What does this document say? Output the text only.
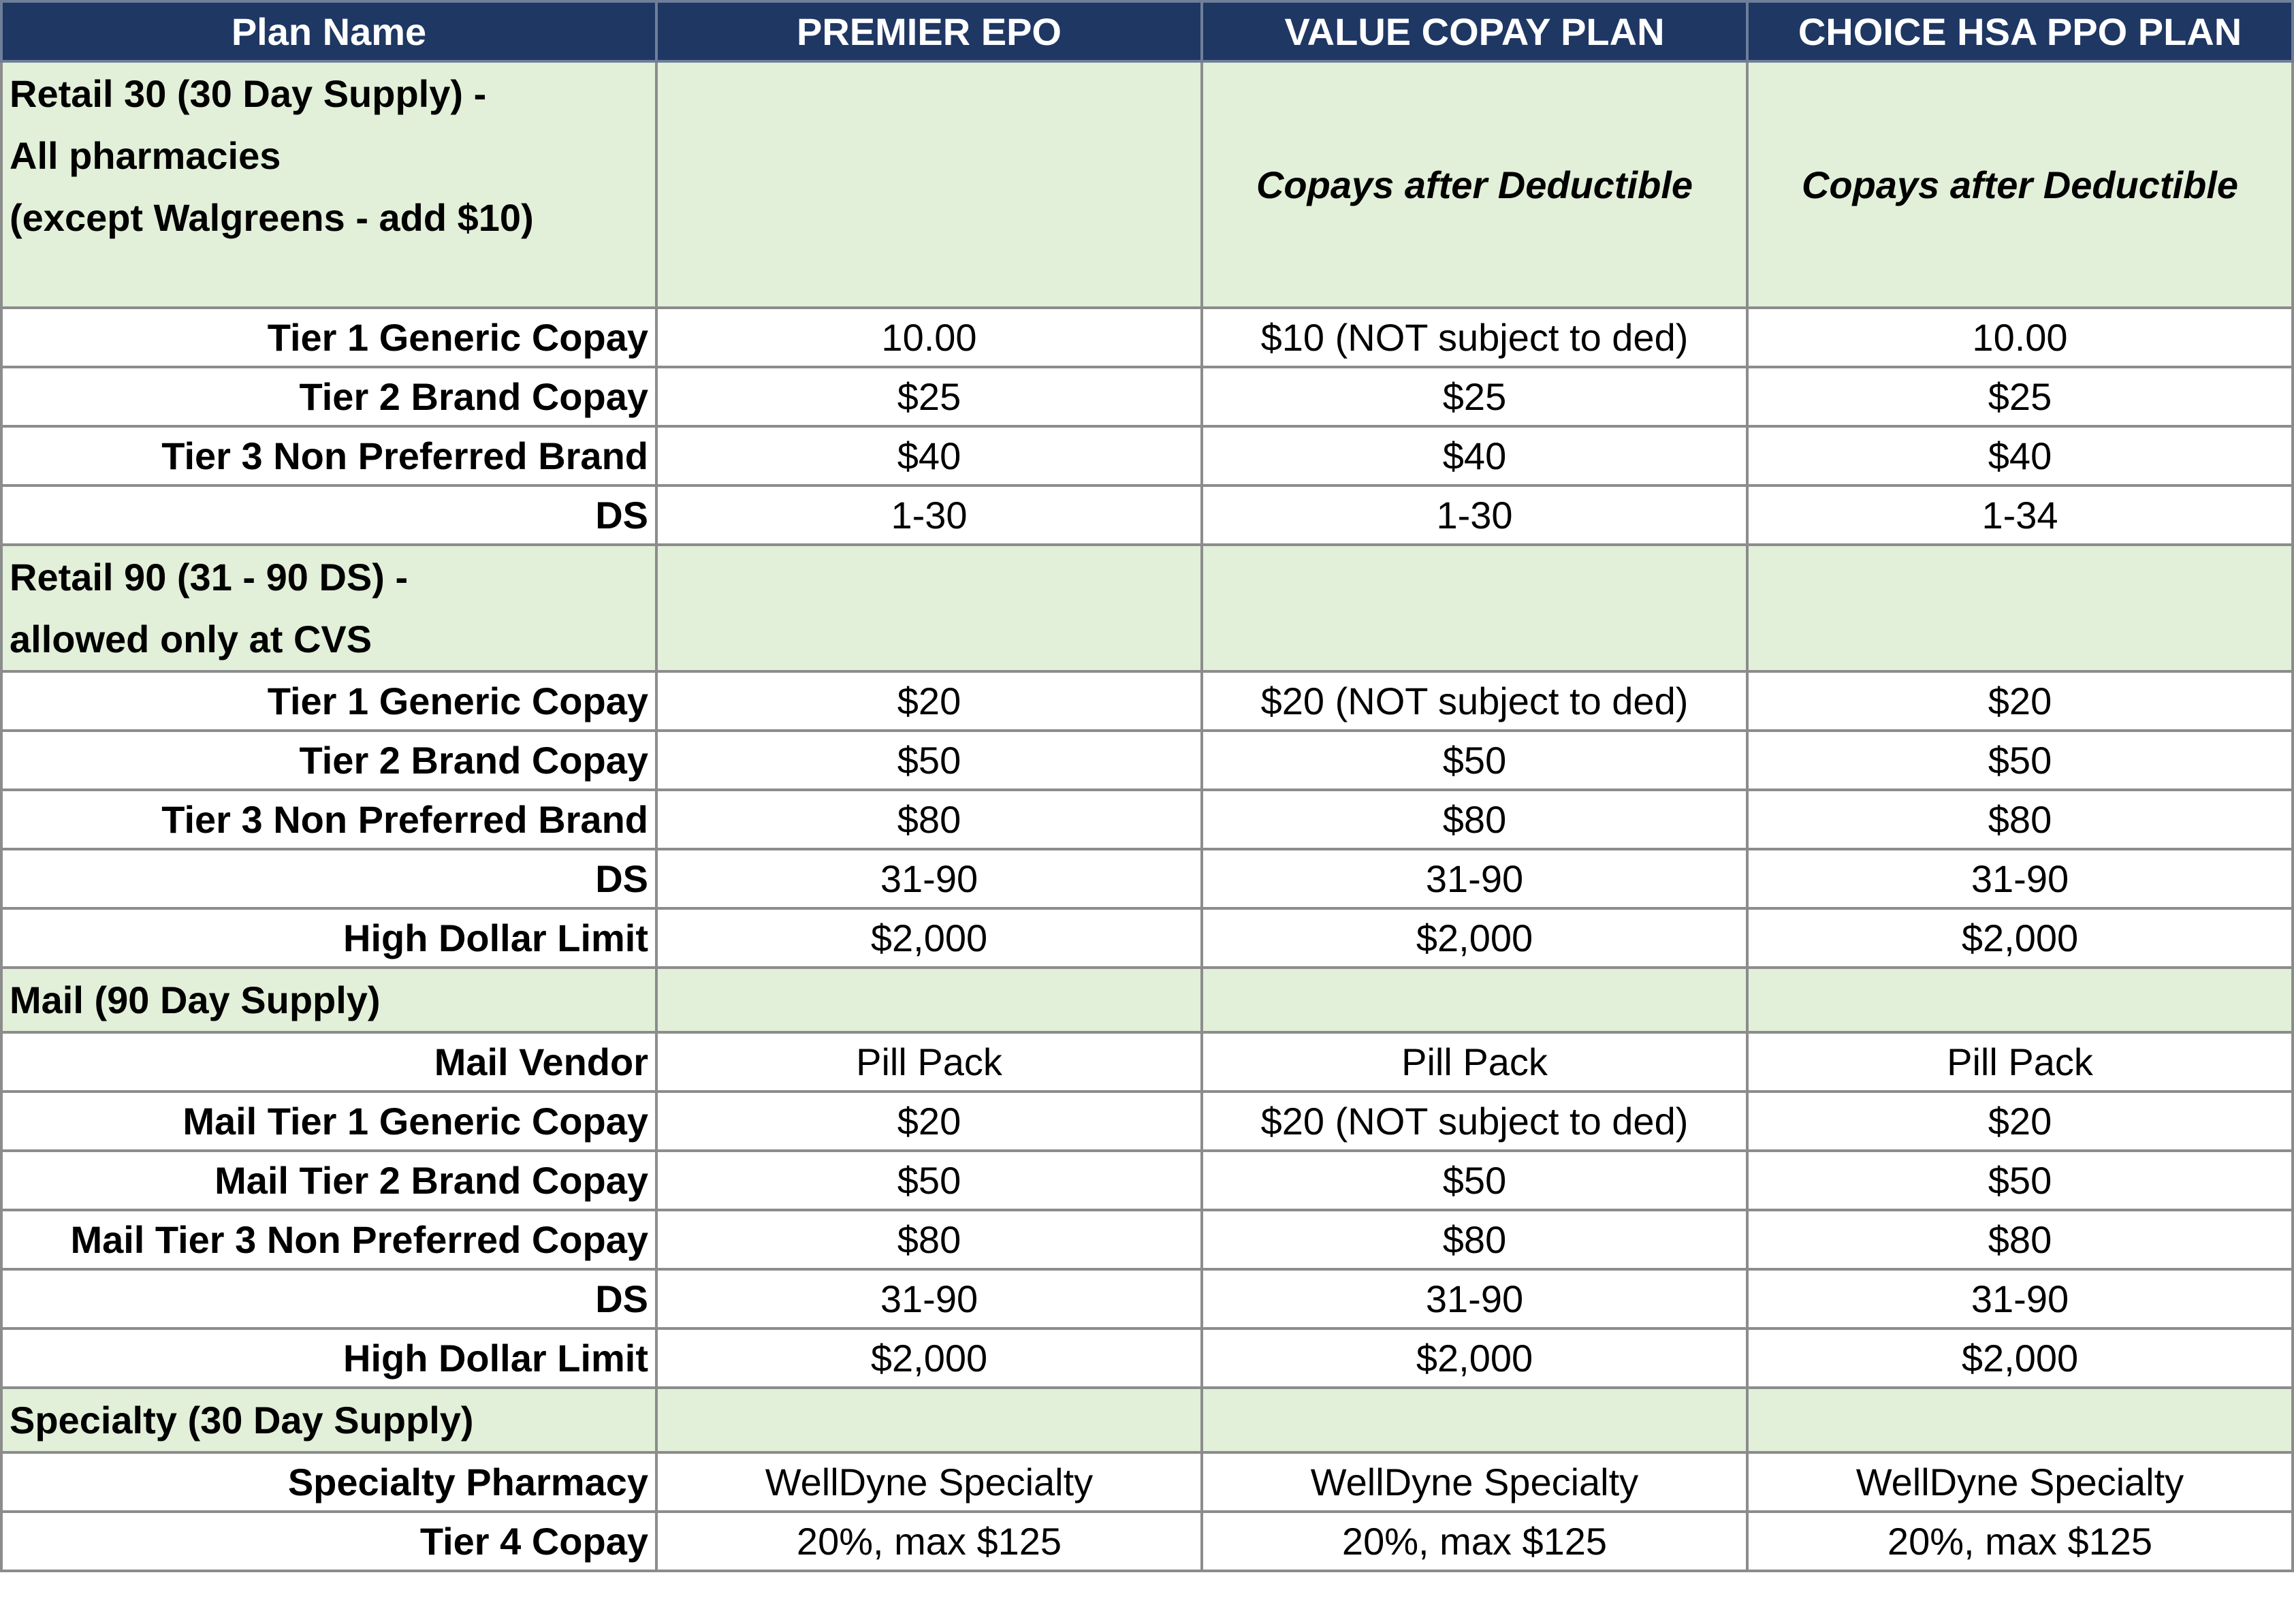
Plan Name	PREMIER EPO	VALUE COPAY PLAN	CHOICE HSA PPO PLAN
Retail 30 (30 Day Supply) -
All pharmacies
(except Walgreens - add $10)		Copays after Deductible	Copays after Deductible
Tier 1 Generic Copay	10.00	$10 (NOT subject to ded)	10.00
Tier 2 Brand Copay	$25	$25	$25
Tier 3 Non Preferred Brand	$40	$40	$40
DS	1-30	1-30	1-34
Retail 90 (31 - 90 DS) -
allowed only at CVS			
Tier 1 Generic Copay	$20	$20 (NOT subject to ded)	$20
Tier 2 Brand Copay	$50	$50	$50
Tier 3 Non Preferred Brand	$80	$80	$80
DS	31-90	31-90	31-90
High Dollar Limit	$2,000	$2,000	$2,000
Mail (90 Day Supply)			
Mail Vendor	Pill Pack	Pill Pack	Pill Pack
Mail Tier 1 Generic Copay	$20	$20 (NOT subject to ded)	$20
Mail Tier 2 Brand Copay	$50	$50	$50
Mail Tier 3 Non Preferred Copay	$80	$80	$80
DS	31-90	31-90	31-90
High Dollar Limit	$2,000	$2,000	$2,000
Specialty (30 Day Supply)			
Specialty Pharmacy	WellDyne Specialty	WellDyne Specialty	WellDyne Specialty
Tier 4 Copay	20%, max $125	20%, max $125	20%, max $125
